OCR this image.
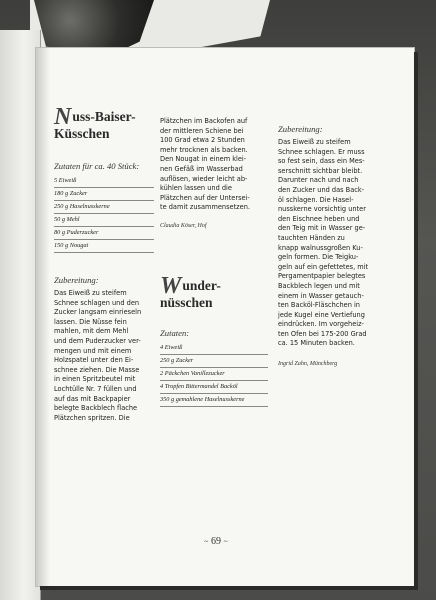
Nuss-Baiser-
Küsschen

Zutaten für ca. 40 Stück:

5 Eiweiß
180 g Zucker
250 g Haselnusskerne
50 g Mehl
80 g Puderzucker
150 g Nougat

Zubereitung:

Das Eiweiß zu steifem
Schnee schlagen und den
Zucker langsam einrieseln
lassen. Die Nüsse fein
mahlen, mit dem Mehl
und dem Puderzucker ver-
mengen und mit einem
Holzspatel unter den Ei-
schnee ziehen. Die Masse
in einen Spritzbeutel mit
Lochtülle Nr. 7 füllen und
auf das mit Backpapier
belegte Backblech flache
Plätzchen spritzen. Die

Plätzchen im Backofen auf
der mittleren Schiene bei
100 Grad etwa 2 Stunden
mehr trocknen als backen.
Den Nougat in einem klei-
nen Gefäß im Wasserbad
auflösen, wieder leicht ab-
kühlen lassen und die
Plätzchen auf der Untersei-
te damit zusammensetzen.

Claudia Köser, Hof

Wunder-
nüsschen

Zutaten:

4 Eiweiß
250 g Zucker
2 Päckchen Vanillezucker
4 Tropfen Bittermandel Backöl
350 g gemahlene Haselnusskerne

Zubereitung:

Das Eiweiß zu steifem
Schnee schlagen. Er muss
so fest sein, dass ein Mes-
serschnitt sichtbar bleibt.
Darunter nach und nach
den Zucker und das Back-
öl schlagen. Die Hasel-
nusskerne vorsichtig unter
den Eischnee heben und
den Teig mit in Wasser ge-
tauchten Händen zu
knapp walnussgroßen Ku-
geln formen. Die Teigku-
geln auf ein gefettetes, mit
Pergamentpapier belegtes
Backblech legen und mit
einem in Wasser getauch-
ten Backöl-Fläschchen in
jede Kugel eine Vertiefung
eindrücken. Im vorgeheiz-
ten Ofen bei 175-200 Grad
ca. 15 Minuten backen.

Ingrid Zahn, Münchberg

~ 69 ~
